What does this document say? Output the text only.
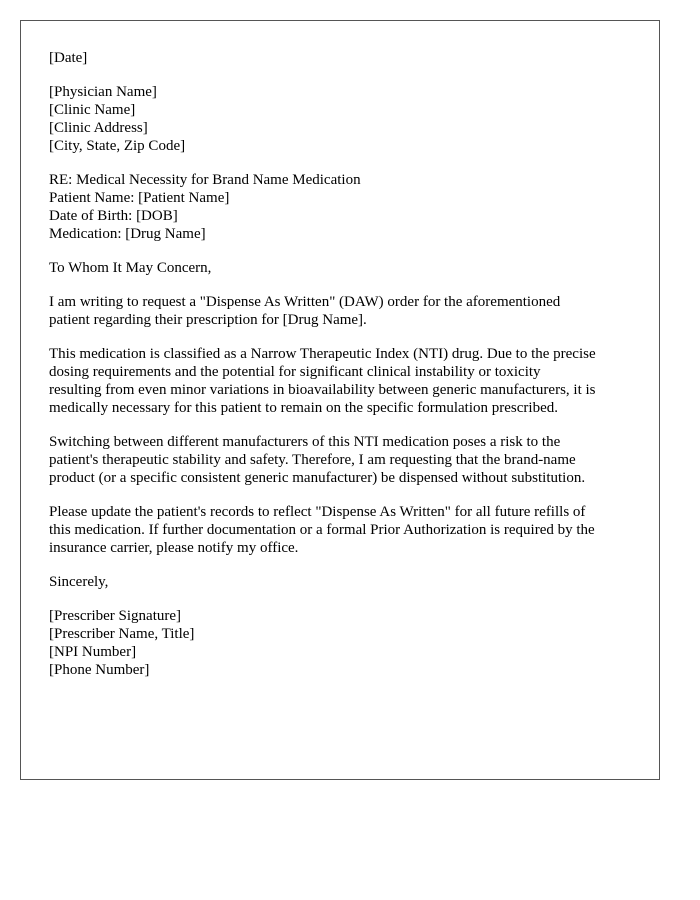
[Date]
[Physician Name]
[Clinic Name]
[Clinic Address]
[City, State, Zip Code]
RE: Medical Necessity for Brand Name Medication
Patient Name: [Patient Name]
Date of Birth: [DOB]
Medication: [Drug Name]
To Whom It May Concern,
I am writing to request a "Dispense As Written" (DAW) order for the aforementioned
patient regarding their prescription for [Drug Name].
This medication is classified as a Narrow Therapeutic Index (NTI) drug. Due to the precise
dosing requirements and the potential for significant clinical instability or toxicity
resulting from even minor variations in bioavailability between generic manufacturers, it is
medically necessary for this patient to remain on the specific formulation prescribed.
Switching between different manufacturers of this NTI medication poses a risk to the
patient's therapeutic stability and safety. Therefore, I am requesting that the brand-name
product (or a specific consistent generic manufacturer) be dispensed without substitution.
Please update the patient's records to reflect "Dispense As Written" for all future refills of
this medication. If further documentation or a formal Prior Authorization is required by the
insurance carrier, please notify my office.
Sincerely,
[Prescriber Signature]
[Prescriber Name, Title]
[NPI Number]
[Phone Number]
